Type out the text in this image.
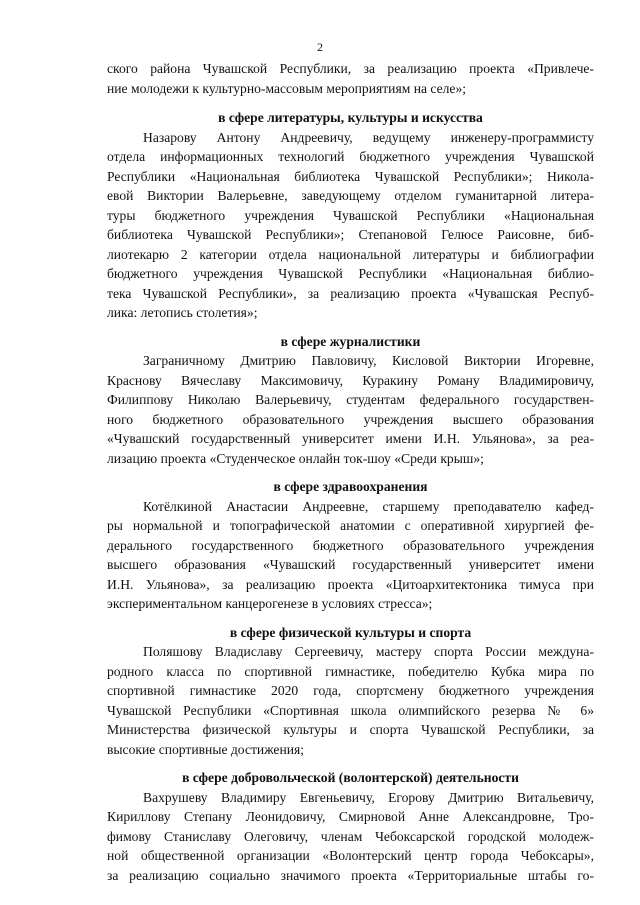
2
ского района Чувашской Республики, за реализацию проекта «Привлече-
ние молодежи к культурно-массовым мероприятиям на селе»;
в сфере литературы, культуры и искусства
Назарову Антону Андреевичу, ведущему инженеру-программисту
отдела информационных технологий бюджетного учреждения Чувашской
Республики «Национальная библиотека Чувашской Республики»; Никола-
евой Виктории Валерьевне, заведующему отделом гуманитарной литера-
туры бюджетного учреждения Чувашской Республики «Национальная
библиотека Чувашской Республики»; Степановой Гелюсе Раисовне, биб-
лиотекарю 2 категории отдела национальной литературы и библиографии
бюджетного учреждения Чувашской Республики «Национальная библио-
тека Чувашской Республики», за реализацию проекта «Чувашская Респуб-
лика: летопись столетия»;
в сфере журналистики
Заграничному Дмитрию Павловичу, Кисловой Виктории Игоревне,
Краснову Вячеславу Максимовичу, Куракину Роману Владимировичу,
Филиппову Николаю Валерьевичу, студентам федерального государствен-
ного бюджетного образовательного учреждения высшего образования
«Чувашский государственный университет имени И.Н. Ульянова», за реа-
лизацию проекта «Студенческое онлайн ток-шоу «Среди крыш»;
в сфере здравоохранения
Котёлкиной Анастасии Андреевне, старшему преподавателю кафед-
ры нормальной и топографической анатомии с оперативной хирургией фе-
дерального государственного бюджетного образовательного учреждения
высшего образования «Чувашский государственный университет имени
И.Н. Ульянова», за реализацию проекта «Цитоархитектоника тимуса при
экспериментальном канцерогенезе в условиях стресса»;
в сфере физической культуры и спорта
Поляшову Владиславу Сергеевичу, мастеру спорта России междуна-
родного класса по спортивной гимнастике, победителю Кубка мира по
спортивной гимнастике 2020 года, спортсмену бюджетного учреждения
Чувашской Республики «Спортивная школа олимпийского резерва № 6»
Министерства физической культуры и спорта Чувашской Республики, за
высокие спортивные достижения;
в сфере добровольческой (волонтерской) деятельности
Вахрушеву Владимиру Евгеньевичу, Егорову Дмитрию Витальевичу,
Кириллову Степану Леонидовичу, Смирновой Анне Александровне, Тро-
фимову Станиславу Олеговичу, членам Чебоксарской городской молодеж-
ной общественной организации «Волонтерский центр города Чебоксары»,
за реализацию социально значимого проекта «Территориальные штабы го-
